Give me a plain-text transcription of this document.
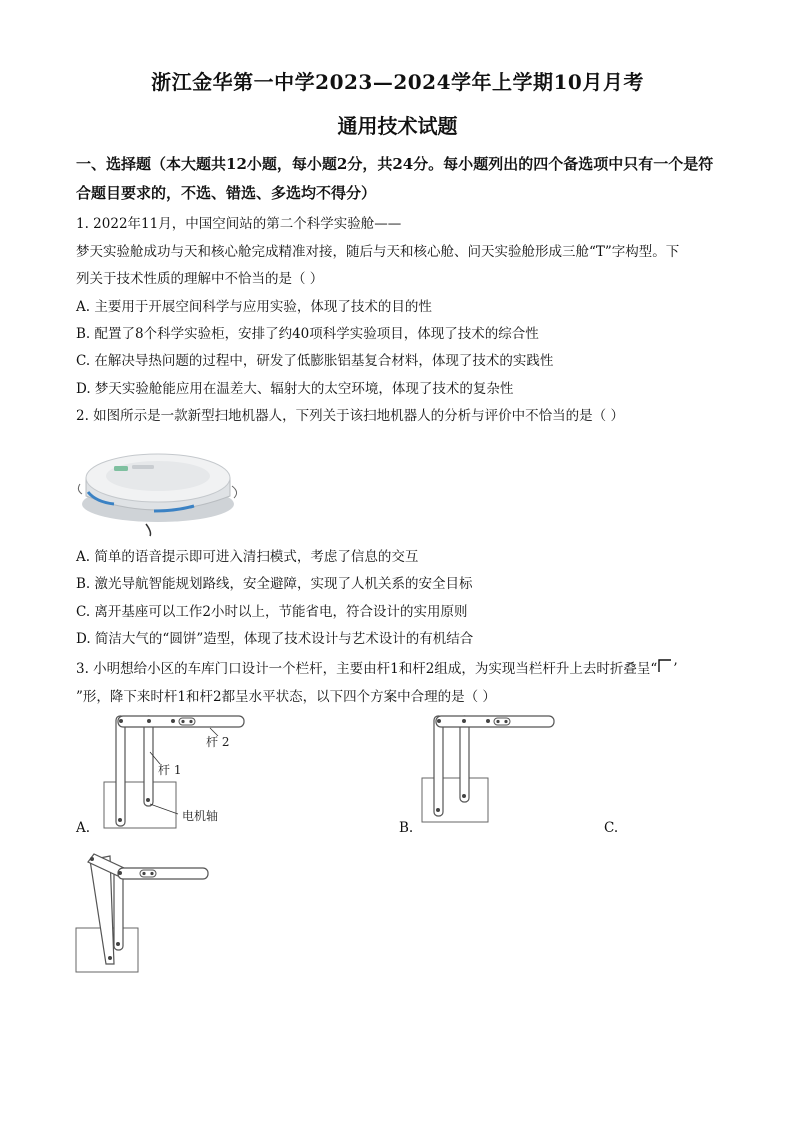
浙江金华第一中学2023—2024学年上学期10月月考
通用技术试题
一、选择题（本大题共12小题，每小题2分，共24分。每小题列出的四个备选项中只有一个是符合题目要求的，不选、错选、多选均不得分）
1. 2022年11月，中国空间站的第二个科学实验舱——
梦天实验舱成功与天和核心舱完成精准对接，随后与天和核心舱、问天实验舱形成三舱“T”字构型。下
列关于技术性质的理解中不恰当的是（ ）
A. 主要用于开展空间科学与应用实验，体现了技术的目的性
B. 配置了8个科学实验柜，安排了约40项科学实验项目，体现了技术的综合性
C. 在解决导热问题的过程中，研发了低膨胀铝基复合材料，体现了技术的实践性
D. 梦天实验舱能应用在温差大、辐射大的太空环境，体现了技术的复杂性
2. 如图所示是一款新型扫地机器人，下列关于该扫地机器人的分析与评价中不恰当的是（ ）
A. 简单的语音提示即可进入清扫模式，考虑了信息的交互
B. 激光导航智能规划路线，安全避障，实现了人机关系的安全目标
C. 离开基座可以工作2小时以上，节能省电，符合设计的实用原则
D. 简洁大气的“圆饼”造型，体现了技术设计与艺术设计的有机结合
3. 小明想给小区的车库门口设计一个栏杆，主要由杆1和杆2组成，为实现当栏杆升上去时折叠呈“ ’
”形，降下来时杆1和杆2都呈水平状态，以下四个方案中合理的是（ ）
杆 2
杆 1
电机轴
A.	B.	C.
